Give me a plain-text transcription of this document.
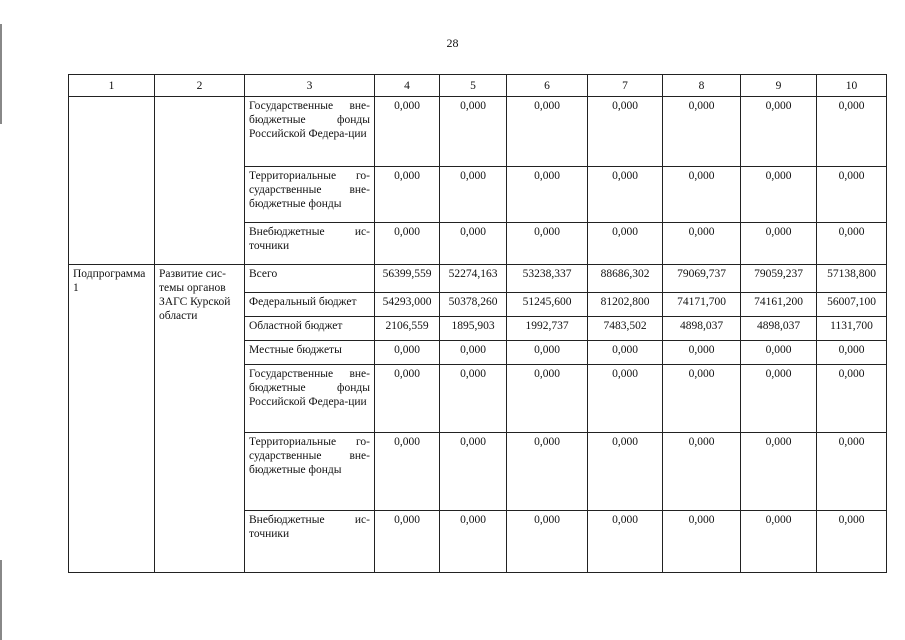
28
1	2	3	4	5	6	7	8	9	10
		Государственные вне-бюджетные фонды Российской Федера-ции	0,000	0,000	0,000	0,000	0,000	0,000	0,000
		Территориальные го-сударственные вне-бюджетные фонды	0,000	0,000	0,000	0,000	0,000	0,000	0,000
		Внебюджетные ис-точники	0,000	0,000	0,000	0,000	0,000	0,000	0,000
Подпрограмма 1	Развитие сис-темы органов ЗАГС Курской области	Всего	56399,559	52274,163	53238,337	88686,302	79069,737	79059,237	57138,800
		Федеральный бюджет	54293,000	50378,260	51245,600	81202,800	74171,700	74161,200	56007,100
		Областной бюджет	2106,559	1895,903	1992,737	7483,502	4898,037	4898,037	1131,700
		Местные бюджеты	0,000	0,000	0,000	0,000	0,000	0,000	0,000
		Государственные вне-бюджетные фонды Российской Федера-ции	0,000	0,000	0,000	0,000	0,000	0,000	0,000
		Территориальные го-сударственные вне-бюджетные фонды	0,000	0,000	0,000	0,000	0,000	0,000	0,000
		Внебюджетные ис-точники	0,000	0,000	0,000	0,000	0,000	0,000	0,000
